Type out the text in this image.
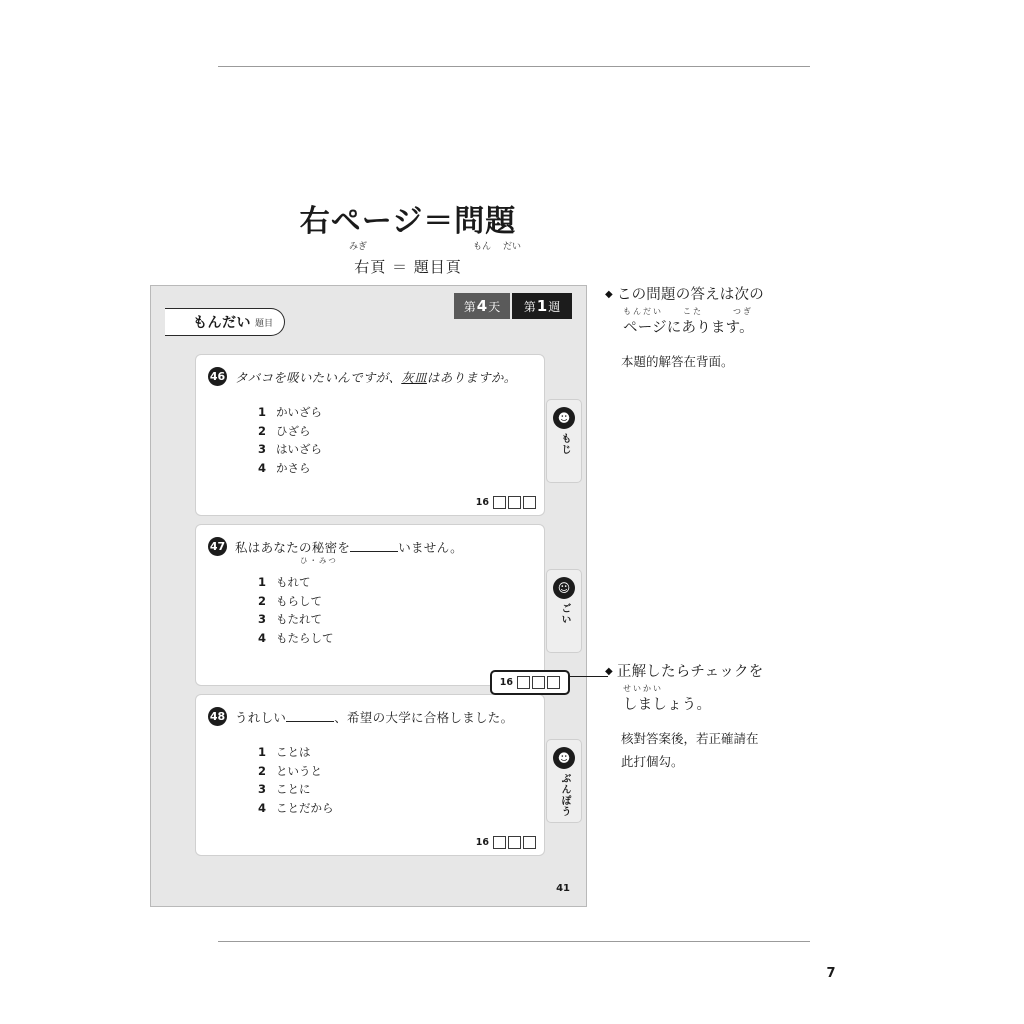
7
右ページ＝問題
みぎ	もん だい
右頁 ＝ 題目頁
第4天	第1週
もんだい 題目
46 タバコを吸いたいんですが、灰皿はありますか。
1 かいざら
2 ひざら
3 はいざら
4 かさら
16
47 私はあなたの秘密を	いません。
ひ・みつ
1 もれて
2 もらして
3 もたれて
4 もたらして
16
48 うれしい	、希望の大学に合格しました。
1 ことは
2 というと
3 ことに
4 ことだから
16
☻
もじ
☺
ごい
☻
ぶんぽう
41
◆ この問題の答えは次の
もんだい　　こた　　　つぎ
ページにあります。
本題的解答在背面。
◆ 正解したらチェックを
せいかい
しましょう。
核對答案後，若正確請在
此打個勾。
